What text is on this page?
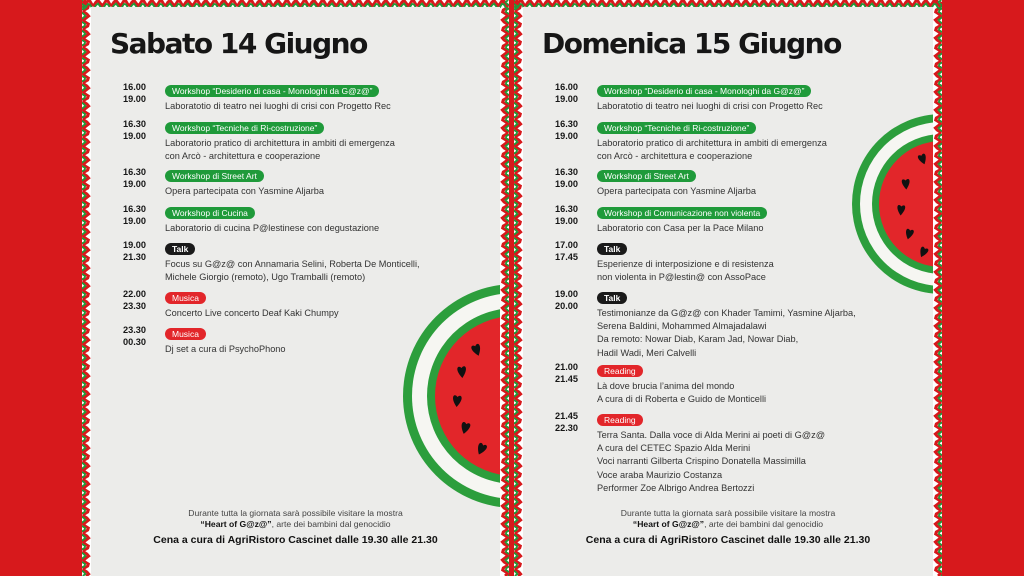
Sabato 14 Giugno
16.00
19.00
Workshop “Desiderio di casa - Monologhi da G@z@”
Laboratotio di teatro nei luoghi di crisi con Progetto Rec
16.30
19.00
Workshop “Tecniche di Ri-costruzione”
Laboratorio pratico di architettura in ambiti di emergenza
con Arcò - architettura e cooperazione
16.30
19.00
Workshop di Street Art
Opera partecipata con Yasmine Aljarba
16.30
19.00
Workshop di Cucina
Laboratorio di cucina P@lestinese con degustazione
19.00
21.30
Talk
Focus su G@z@ con Annamaria Selini, Roberta De Monticelli,
Michele Giorgio (remoto), Ugo Tramballi (remoto)
22.00
23.30
Musica
Concerto Live concerto Deaf Kaki Chumpy
23.30
00.30
Musica
Dj set a cura di PsychoPhono
Durante tutta la giornata sarà possibile visitare la mostra
“Heart of G@z@”, arte dei bambini dal genocidio
Cena a cura di AgriRistoro Cascinet dalle 19.30 alle 21.30
Domenica 15 Giugno
16.00
19.00
Workshop “Desiderio di casa - Monologhi da G@z@”
Laboratotio di teatro nei luoghi di crisi con Progetto Rec
16.30
19.00
Workshop “Tecniche di Ri-costruzione”
Laboratorio pratico di architettura in ambiti di emergenza
con Arcò - architettura e cooperazione
16.30
19.00
Workshop di Street Art
Opera partecipata con Yasmine Aljarba
16.30
19.00
Workshop di Comunicazione non violenta
Laboratorio con Casa per la Pace Milano
17.00
17.45
Talk
Esperienze di interposizione e di resistenza
non violenta in P@lestin@ con AssoPace
19.00
20.00
Talk
Testimonianze da G@z@ con Khader Tamimi, Yasmine Aljarba,
Serena Baldini, Mohammed Almajadalawi
Da remoto: Nowar Diab, Karam Jad, Nowar Diab,
Hadil Wadi, Meri Calvelli
21.00
21.45
Reading
Là dove brucia l’anima del mondo
A cura di di Roberta e Guido de Monticelli
21.45
22.30
Reading
Terra Santa. Dalla voce di Alda Merini ai poeti di G@z@
A cura del CETEC Spazio Alda Merini
Voci narranti Gilberta Crispino Donatella Massimilla
Voce araba Maurizio Costanza
Performer Zoe Albrigo Andrea Bertozzi
Durante tutta la giornata sarà possibile visitare la mostra
“Heart of G@z@”, arte dei bambini dal genocidio
Cena a cura di AgriRistoro Cascinet dalle 19.30 alle 21.30
